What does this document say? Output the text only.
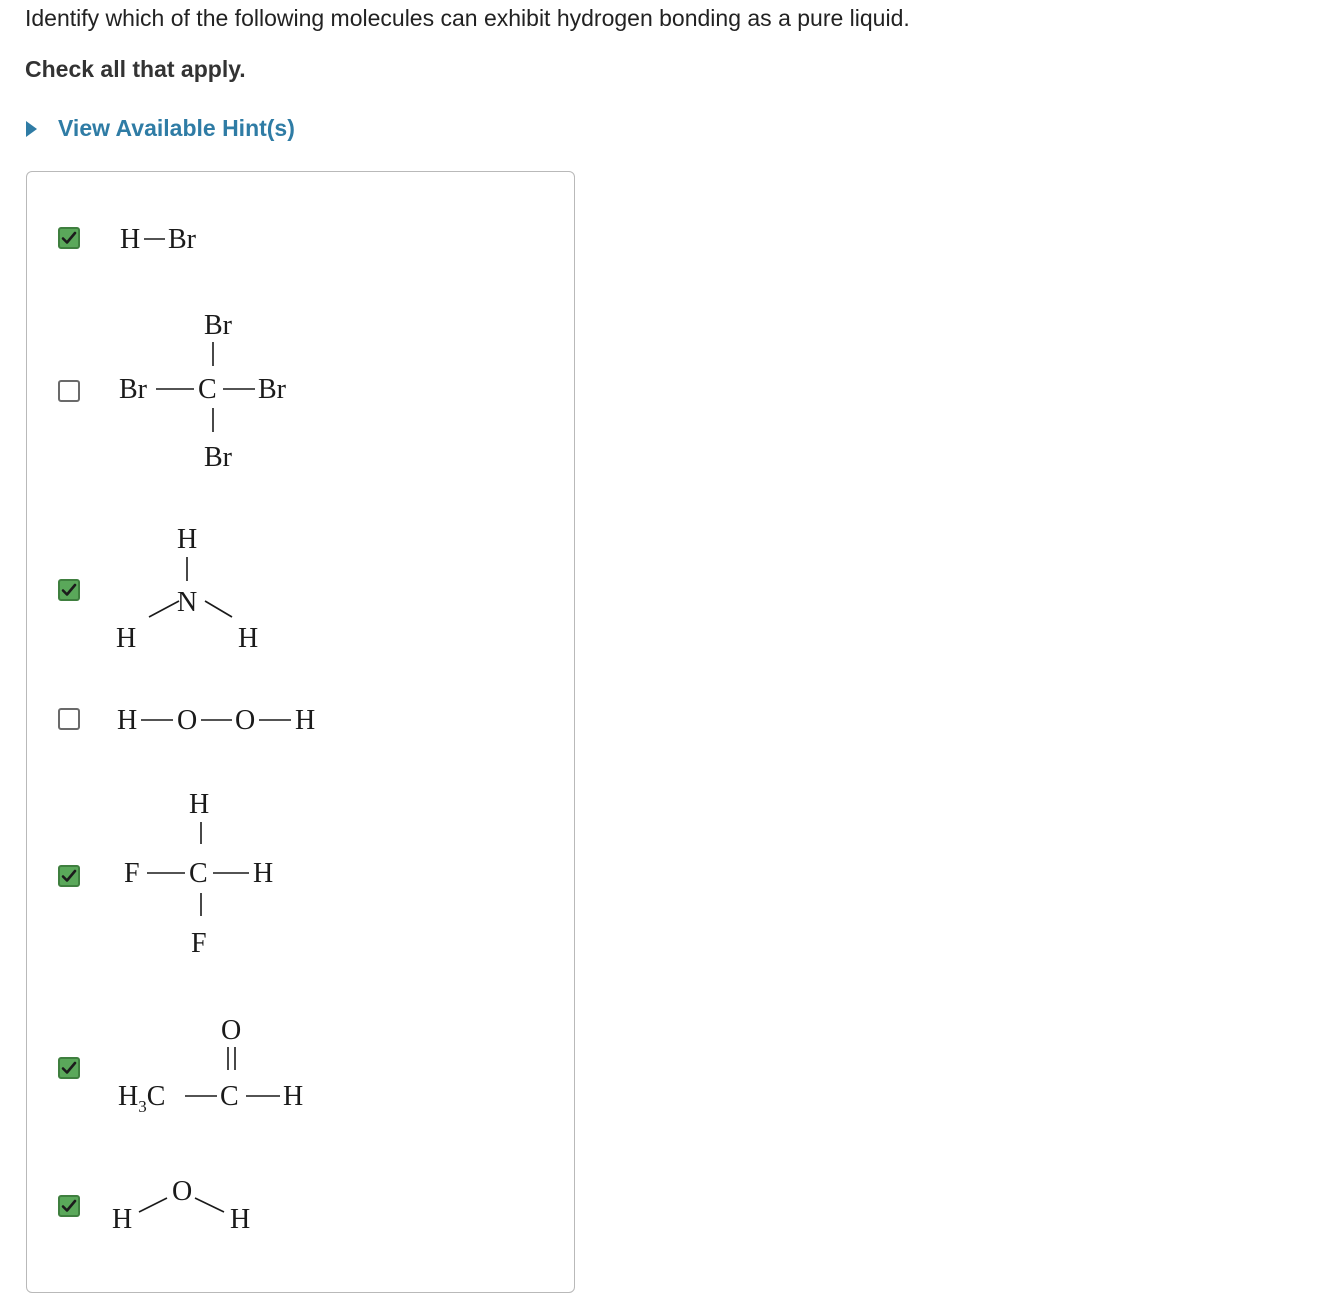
Identify which of the following molecules can exhibit hydrogen bonding as a pure liquid.
Check all that apply.
View Available Hint(s)
H Br
Br
Br C Br
Br
H
N
H	H
H O O H
H
F C H
F
O
$H_3C$ C H
H
O
H
